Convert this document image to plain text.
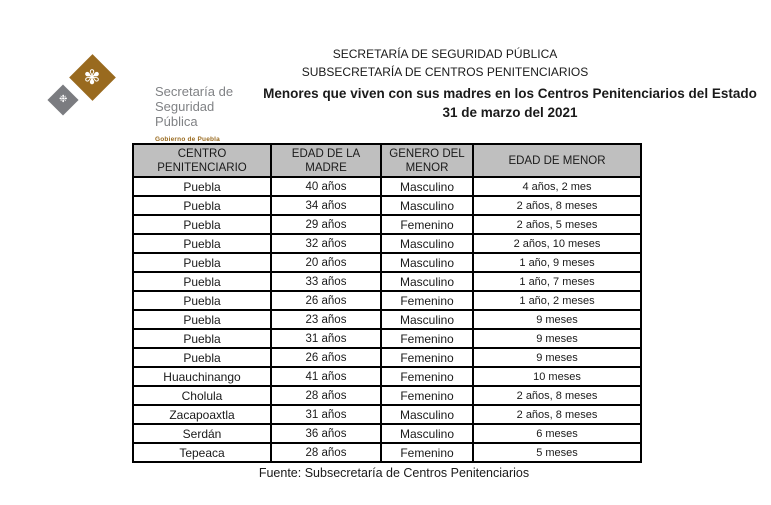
❉
✾
Secretaría de
Seguridad Pública
Gobierno de Puebla
SECRETARÍA DE SEGURIDAD PÚBLICA
SUBSECRETARÍA DE CENTROS PENITENCIARIOS
Menores que viven con sus madres en los Centros Penitenciarios del Estado
31 de marzo del 2021
CENTRO PENITENCIARIO	EDAD DE LA MADRE	GENERO DEL MENOR	EDAD DE MENOR
Puebla	40 años	Masculino	4 años, 2 mes
Puebla	34 años	Masculino	2 años, 8 meses
Puebla	29 años	Femenino	2 años, 5 meses
Puebla	32 años	Masculino	2 años, 10 meses
Puebla	20 años	Masculino	1 año, 9 meses
Puebla	33 años	Masculino	1 año, 7 meses
Puebla	26 años	Femenino	1 año, 2 meses
Puebla	23 años	Masculino	9 meses
Puebla	31 años	Femenino	9 meses
Puebla	26 años	Femenino	9 meses
Huauchinango	41 años	Femenino	10 meses
Cholula	28 años	Femenino	2 años, 8 meses
Zacapoaxtla	31 años	Masculino	2 años, 8 meses
Serdán	36 años	Masculino	6 meses
Tepeaca	28 años	Femenino	5 meses
Fuente: Subsecretaría de Centros Penitenciarios
